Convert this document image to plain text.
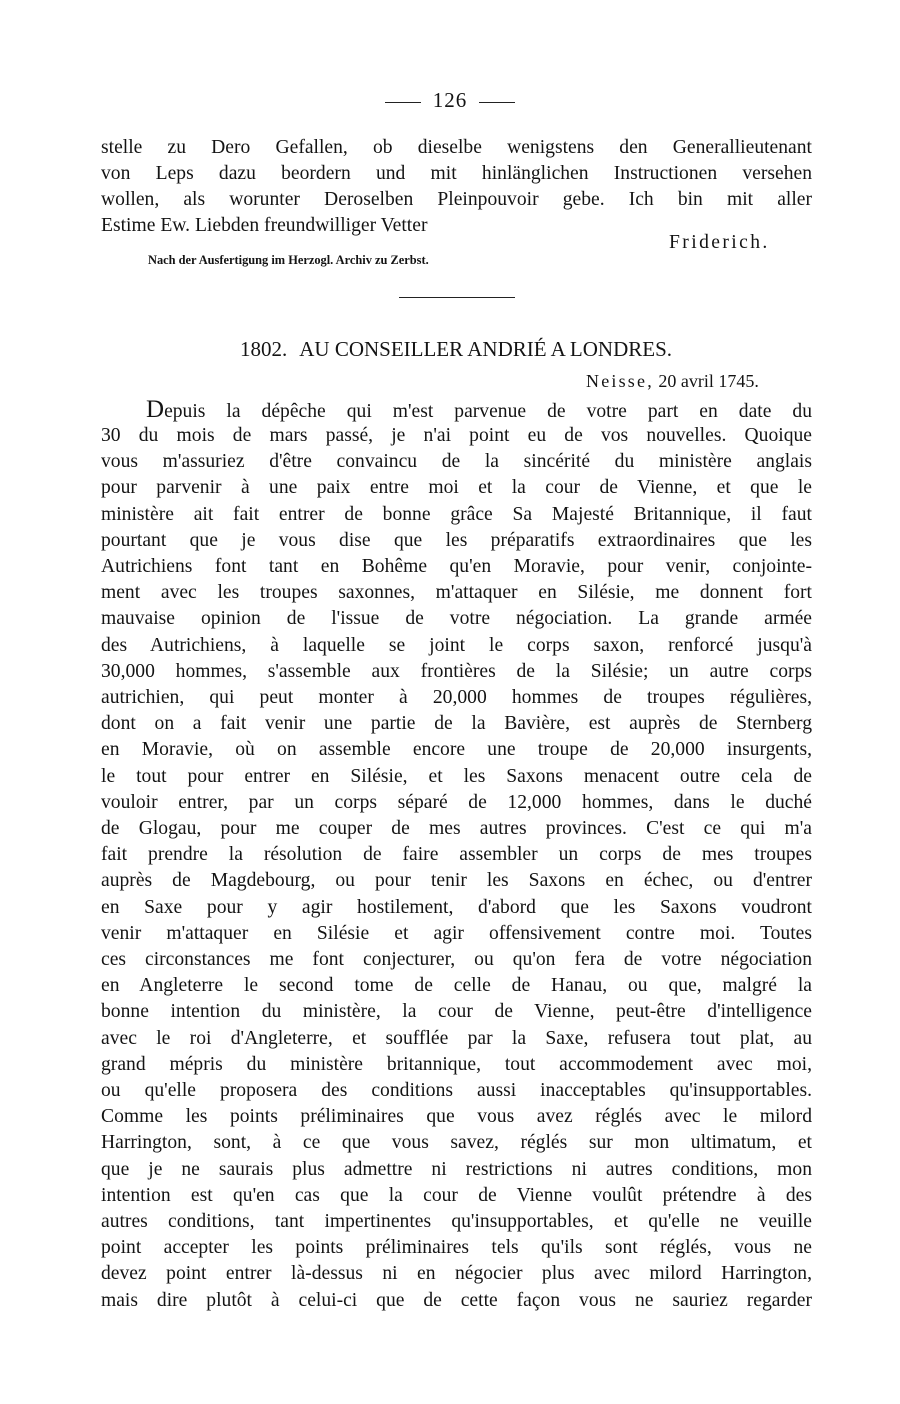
126
stelle zu Dero Gefallen, ob dieselbe wenigstens den Generallieutenant
von Leps dazu beordern und mit hinlänglichen Instructionen versehen
wollen, als worunter Deroselben Pleinpouvoir gebe. Ich bin mit aller
Estime Ew. Liebden freundwilliger Vetter
Friderich.
Nach der Ausfertigung im Herzogl. Archiv zu Zerbst.
1802. AU CONSEILLER ANDRIÉ A LONDRES.
Neisse, 20 avril 1745.
Depuis la dépêche qui m'est parvenue de votre part en date du
30 du mois de mars passé, je n'ai point eu de vos nouvelles. Quoique
vous m'assuriez d'être convaincu de la sincérité du ministère anglais
pour parvenir à une paix entre moi et la cour de Vienne, et que le
ministère ait fait entrer de bonne grâce Sa Majesté Britannique, il faut
pourtant que je vous dise que les préparatifs extraordinaires que les
Autrichiens font tant en Bohême qu'en Moravie, pour venir, conjointe-
ment avec les troupes saxonnes, m'attaquer en Silésie, me donnent fort
mauvaise opinion de l'issue de votre négociation. La grande armée
des Autrichiens, à laquelle se joint le corps saxon, renforcé jusqu'à
30,000 hommes, s'assemble aux frontières de la Silésie; un autre corps
autrichien, qui peut monter à 20,000 hommes de troupes régulières,
dont on a fait venir une partie de la Bavière, est auprès de Sternberg
en Moravie, où on assemble encore une troupe de 20,000 insurgents,
le tout pour entrer en Silésie, et les Saxons menacent outre cela de
vouloir entrer, par un corps séparé de 12,000 hommes, dans le duché
de Glogau, pour me couper de mes autres provinces. C'est ce qui m'a
fait prendre la résolution de faire assembler un corps de mes troupes
auprès de Magdebourg, ou pour tenir les Saxons en échec, ou d'entrer
en Saxe pour y agir hostilement, d'abord que les Saxons voudront
venir m'attaquer en Silésie et agir offensivement contre moi. Toutes
ces circonstances me font conjecturer, ou qu'on fera de votre négociation
en Angleterre le second tome de celle de Hanau, ou que, malgré la
bonne intention du ministère, la cour de Vienne, peut-être d'intelligence
avec le roi d'Angleterre, et soufflée par la Saxe, refusera tout plat, au
grand mépris du ministère britannique, tout accommodement avec moi,
ou qu'elle proposera des conditions aussi inacceptables qu'insupportables.
Comme les points préliminaires que vous avez réglés avec le milord
Harrington, sont, à ce que vous savez, réglés sur mon ultimatum, et
que je ne saurais plus admettre ni restrictions ni autres conditions, mon
intention est qu'en cas que la cour de Vienne voulût prétendre à des
autres conditions, tant impertinentes qu'insupportables, et qu'elle ne veuille
point accepter les points préliminaires tels qu'ils sont réglés, vous ne
devez point entrer là-dessus ni en négocier plus avec milord Harrington,
mais dire plutôt à celui-ci que de cette façon vous ne sauriez regarder
